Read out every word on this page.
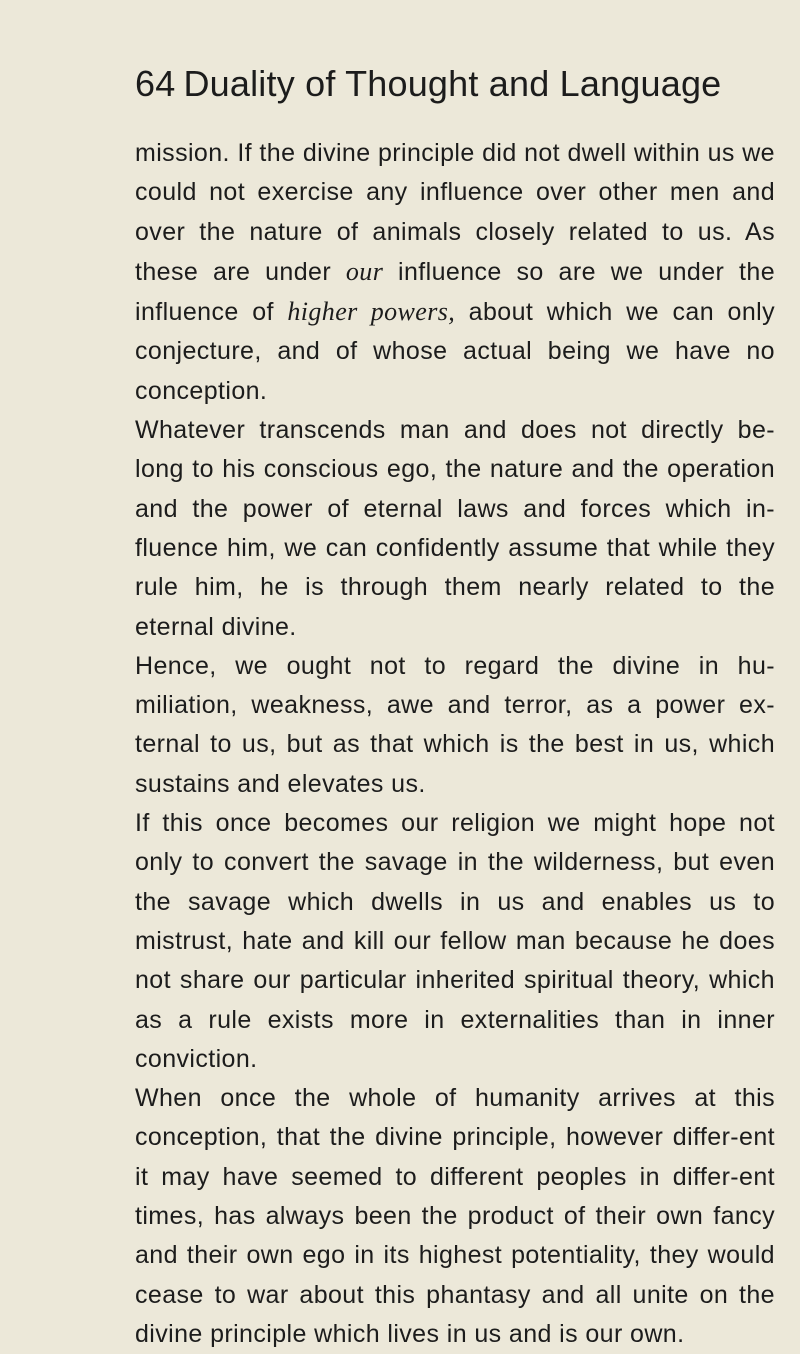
64 Duality of Thought and Language

mission. If the divine principle did not dwell within us we could not exercise any influence over other men and over the nature of animals closely related to us. As these are under our influence so are we under the influence of higher powers, about which we can only conjecture, and of whose actual being we have no conception.

Whatever transcends man and does not directly be-long to his conscious ego, the nature and the operation and the power of eternal laws and forces which in-fluence him, we can confidently assume that while they rule him, he is through them nearly related to the eternal divine.

Hence, we ought not to regard the divine in hu-miliation, weakness, awe and terror, as a power ex-ternal to us, but as that which is the best in us, which sustains and elevates us.

If this once becomes our religion we might hope not only to convert the savage in the wilderness, but even the savage which dwells in us and enables us to mistrust, hate and kill our fellow man because he does not share our particular inherited spiritual theory, which as a rule exists more in externalities than in inner conviction.

When once the whole of humanity arrives at this conception, that the divine principle, however differ-ent it may have seemed to different peoples in differ-ent times, has always been the product of their own fancy and their own ego in its highest potentiality, they would cease to war about this phantasy and all unite on the divine principle which lives in us and is our own.
